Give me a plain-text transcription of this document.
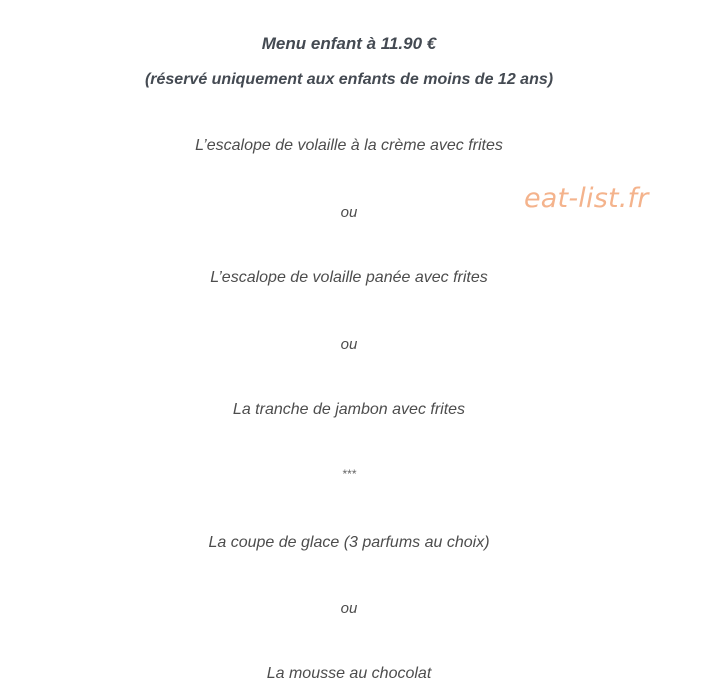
Menu enfant à 11.90 €
(réservé uniquement aux enfants de moins de 12 ans)
L’escalope de volaille à la crème avec frites
ou
L’escalope de volaille panée avec frites
ou
La tranche de jambon avec frites
***
La coupe de glace (3 parfums au choix)
ou
La mousse au chocolat
eat-list.fr
